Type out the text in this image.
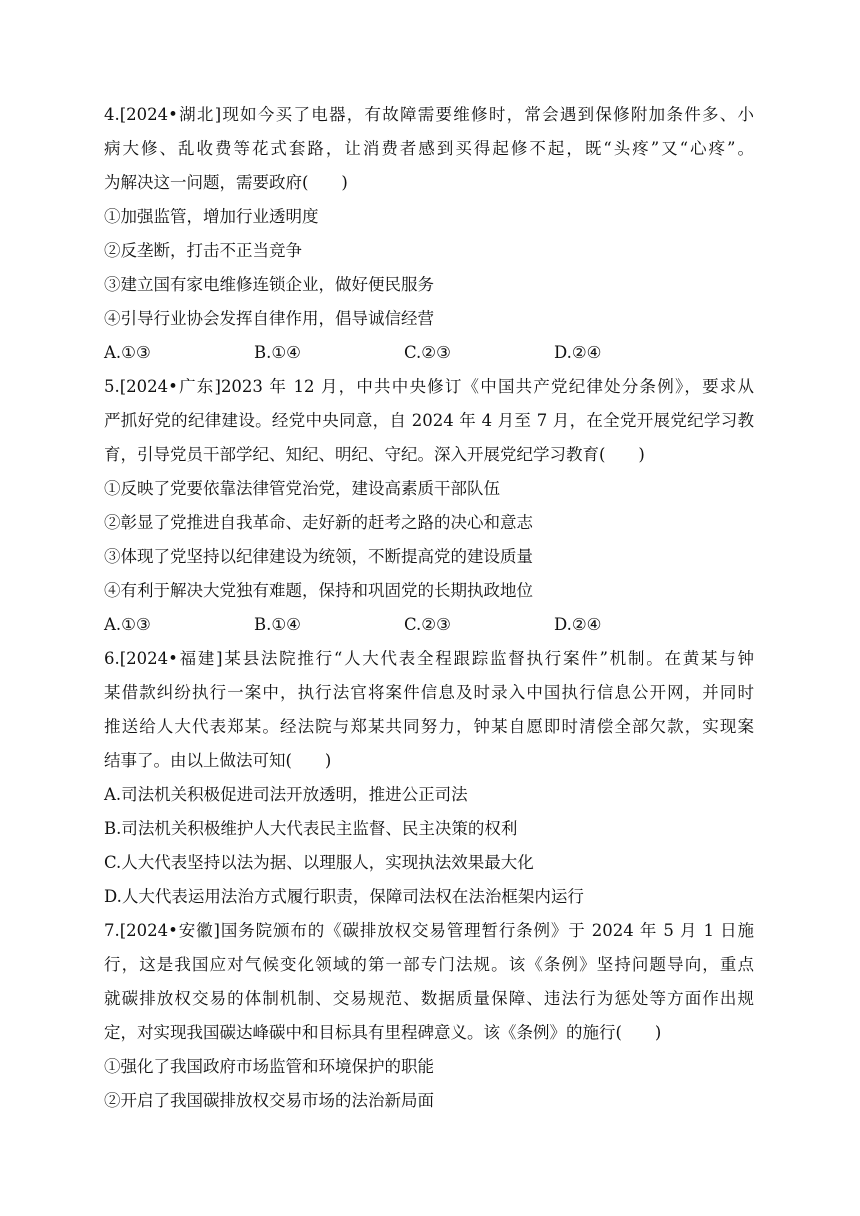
4.[2024•湖北]现如今买了电器，有故障需要维修时，常会遇到保修附加条件多、小
病大修、乱收费等花式套路，让消费者感到买得起修不起，既“头疼”又“心疼”。
为解决这一问题，需要政府(　　)
①加强监管，增加行业透明度
②反垄断，打击不正当竞争
③建立国有家电维修连锁企业，做好便民服务
④引导行业协会发挥自律作用，倡导诚信经营
A.①③	B.①④	C.②③	D.②④
5.[2024•广东]2023 年 12 月，中共中央修订《中国共产党纪律处分条例》，要求从
严抓好党的纪律建设。经党中央同意，自 2024 年 4 月至 7 月，在全党开展党纪学习教
育，引导党员干部学纪、知纪、明纪、守纪。深入开展党纪学习教育(　　)
①反映了党要依靠法律管党治党，建设高素质干部队伍
②彰显了党推进自我革命、走好新的赶考之路的决心和意志
③体现了党坚持以纪律建设为统领，不断提高党的建设质量
④有利于解决大党独有难题，保持和巩固党的长期执政地位
A.①③	B.①④	C.②③	D.②④
6.[2024•福建]某县法院推行“人大代表全程跟踪监督执行案件”机制。在黄某与钟
某借款纠纷执行一案中，执行法官将案件信息及时录入中国执行信息公开网，并同时
推送给人大代表郑某。经法院与郑某共同努力，钟某自愿即时清偿全部欠款，实现案
结事了。由以上做法可知(　　)
A.司法机关积极促进司法开放透明，推进公正司法
B.司法机关积极维护人大代表民主监督、民主决策的权利
C.人大代表坚持以法为据、以理服人，实现执法效果最大化
D.人大代表运用法治方式履行职责，保障司法权在法治框架内运行
7.[2024•安徽]国务院颁布的《碳排放权交易管理暂行条例》于 2024 年 5 月 1 日施
行，这是我国应对气候变化领域的第一部专门法规。该《条例》坚持问题导向，重点
就碳排放权交易的体制机制、交易规范、数据质量保障、违法行为惩处等方面作出规
定，对实现我国碳达峰碳中和目标具有里程碑意义。该《条例》的施行(　　)
①强化了我国政府市场监管和环境保护的职能
②开启了我国碳排放权交易市场的法治新局面
